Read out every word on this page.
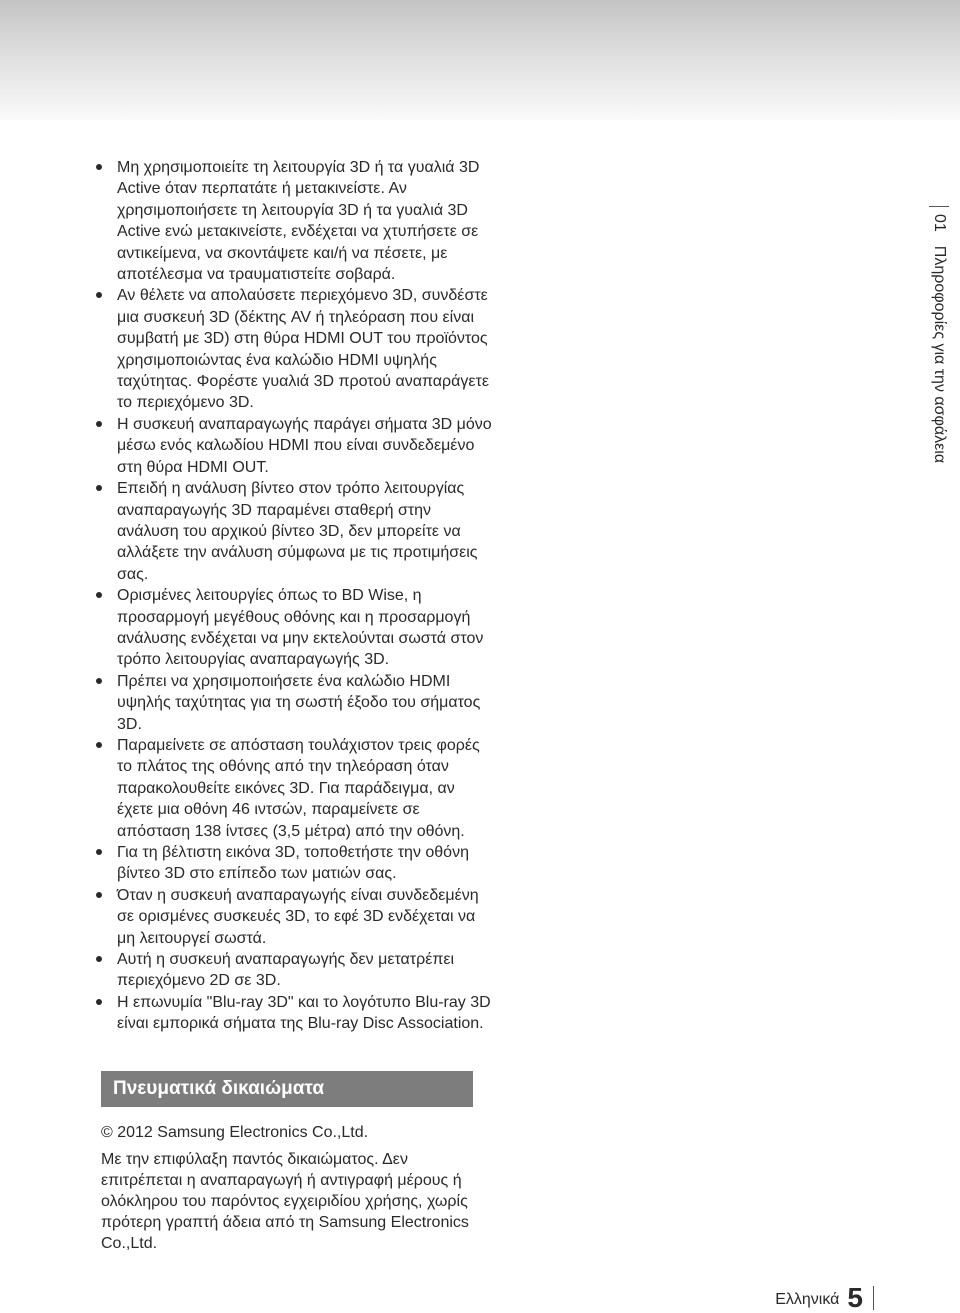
Μη χρησιμοποιείτε τη λειτουργία 3D ή τα γυαλιά 3D Active όταν περπατάτε ή μετακινείστε. Αν χρησιμοποιήσετε τη λειτουργία 3D ή τα γυαλιά 3D Active ενώ μετακινείστε, ενδέχεται να χτυπήσετε σε αντικείμενα, να σκοντάψετε και/ή να πέσετε, με αποτέλεσμα να τραυματιστείτε σοβαρά.
Αν θέλετε να απολαύσετε περιεχόμενο 3D, συνδέστε μια συσκευή 3D (δέκτης AV ή τηλεόραση που είναι συμβατή με 3D) στη θύρα HDMI OUT του προϊόντος χρησιμοποιώντας ένα καλώδιο HDMI υψηλής ταχύτητας. Φορέστε γυαλιά 3D προτού αναπαράγετε το περιεχόμενο 3D.
Η συσκευή αναπαραγωγής παράγει σήματα 3D μόνο μέσω ενός καλωδίου HDMI που είναι συνδεδεμένο στη θύρα HDMI OUT.
Επειδή η ανάλυση βίντεο στον τρόπο λειτουργίας αναπαραγωγής 3D παραμένει σταθερή στην ανάλυση του αρχικού βίντεο 3D, δεν μπορείτε να αλλάξετε την ανάλυση σύμφωνα με τις προτιμήσεις σας.
Ορισμένες λειτουργίες όπως το BD Wise, η προσαρμογή μεγέθους οθόνης και η προσαρμογή ανάλυσης ενδέχεται να μην εκτελούνται σωστά στον τρόπο λειτουργίας αναπαραγωγής 3D.
Πρέπει να χρησιμοποιήσετε ένα καλώδιο HDMI υψηλής ταχύτητας για τη σωστή έξοδο του σήματος 3D.
Παραμείνετε σε απόσταση τουλάχιστον τρεις φορές το πλάτος της οθόνης από την τηλεόραση όταν παρακολουθείτε εικόνες 3D. Για παράδειγμα, αν έχετε μια οθόνη 46 ιντσών, παραμείνετε σε απόσταση 138 ίντσες (3,5 μέτρα) από την οθόνη.
Για τη βέλτιστη εικόνα 3D, τοποθετήστε την οθόνη βίντεο 3D στο επίπεδο των ματιών σας.
Όταν η συσκευή αναπαραγωγής είναι συνδεδεμένη σε ορισμένες συσκευές 3D, το εφέ 3D ενδέχεται να μη λειτουργεί σωστά.
Αυτή η συσκευή αναπαραγωγής δεν μετατρέπει περιεχόμενο 2D σε 3D.
Η επωνυμία "Blu-ray 3D" και το λογότυπο Blu-ray 3D είναι εμπορικά σήματα της Blu-ray Disc Association.
Πνευματικά δικαιώματα

© 2012 Samsung Electronics Co.,Ltd.

Με την επιφύλαξη παντός δικαιώματος. Δεν επιτρέπεται η αναπαραγωγή ή αντιγραφή μέρους ή ολόκληρου του παρόντος εγχειριδίου χρήσης, χωρίς πρότερη γραπτή άδεια από τη Samsung Electronics Co.,Ltd.

01Πληροφορίες για την ασφάλεια
Ελληνικά 5
